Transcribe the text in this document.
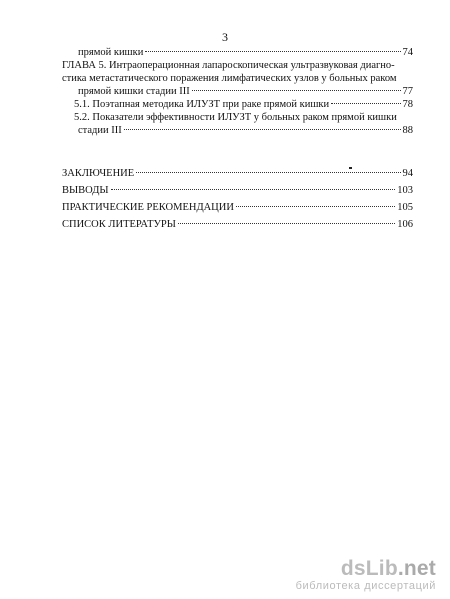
3
прямой кишки	74
ГЛАВА 5. Интраоперационная лапароскопическая ультразвуковая диагно-
стика метастатического поражения лимфатических узлов у больных раком
прямой кишки стадии III	77
5.1. Поэтапная методика ИЛУЗТ при раке прямой кишки	78
5.2. Показатели эффективности ИЛУЗТ у больных раком прямой кишки
стадии III	88
ЗАКЛЮЧЕНИЕ	94
ВЫВОДЫ	103
ПРАКТИЧЕСКИЕ РЕКОМЕНДАЦИИ	105
СПИСОК ЛИТЕРАТУРЫ	106
dsLib.net
библиотека диссертаций
